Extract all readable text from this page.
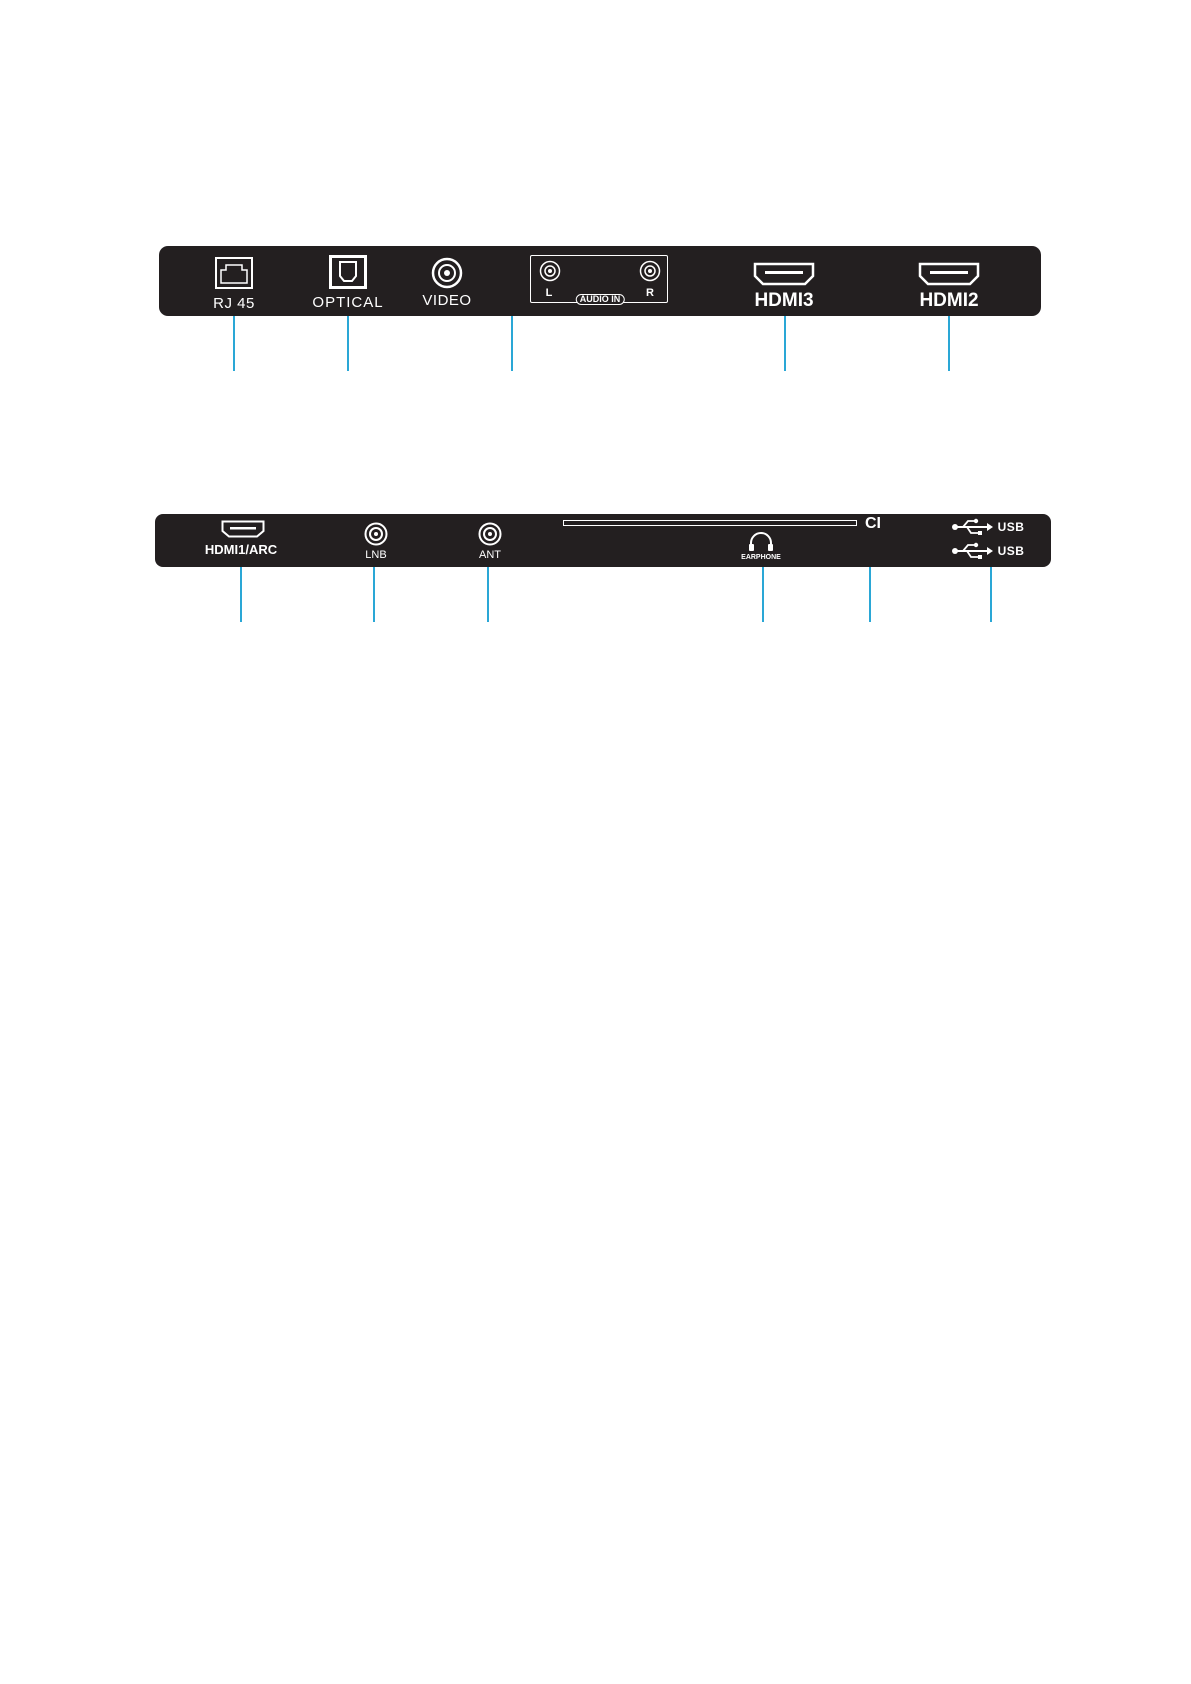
RJ 45	OPTICAL	VIDEO	L	R
AUDIO IN	HDMI3	HDMI2
HDMI1/ARC	LNB	ANT
CI
EARPHONE
USB
USB
